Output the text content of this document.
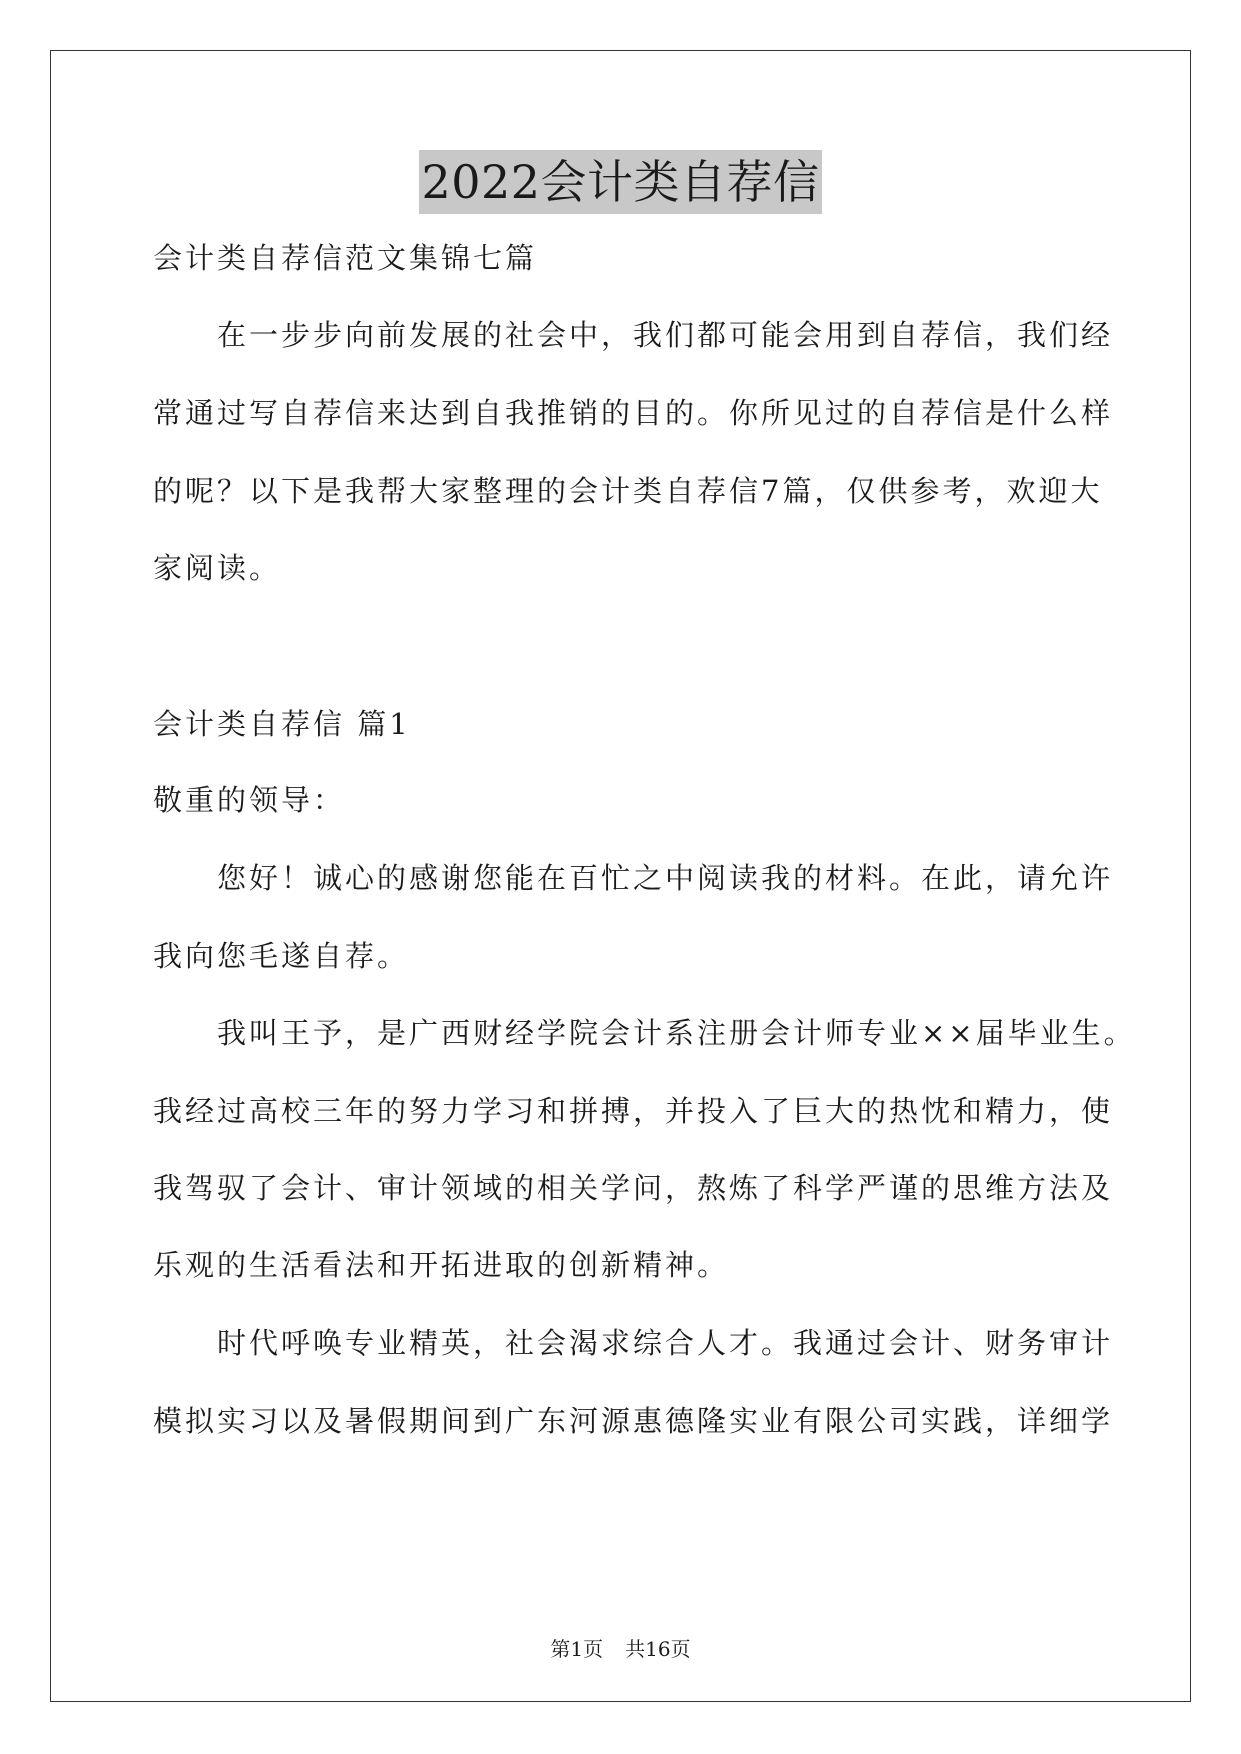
2022会计类自荐信
会计类自荐信范文集锦七篇
　　在一步步向前发展的社会中，我们都可能会用到自荐信，我们经
常通过写自荐信来达到自我推销的目的。你所见过的自荐信是什么样
的呢？以下是我帮大家整理的会计类自荐信7篇，仅供参考，欢迎大
家阅读。
会计类自荐信 篇1
敬重的领导：
　　您好！诚心的感谢您能在百忙之中阅读我的材料。在此，请允许
我向您毛遂自荐。
　　我叫王予，是广西财经学院会计系注册会计师专业××届毕业生。
我经过高校三年的努力学习和拼搏，并投入了巨大的热忱和精力，使
我驾驭了会计、审计领域的相关学问，熬炼了科学严谨的思维方法及
乐观的生活看法和开拓进取的创新精神。
　　时代呼唤专业精英，社会渴求综合人才。我通过会计、财务审计
模拟实习以及暑假期间到广东河源惠德隆实业有限公司实践，详细学
第1页 共16页
